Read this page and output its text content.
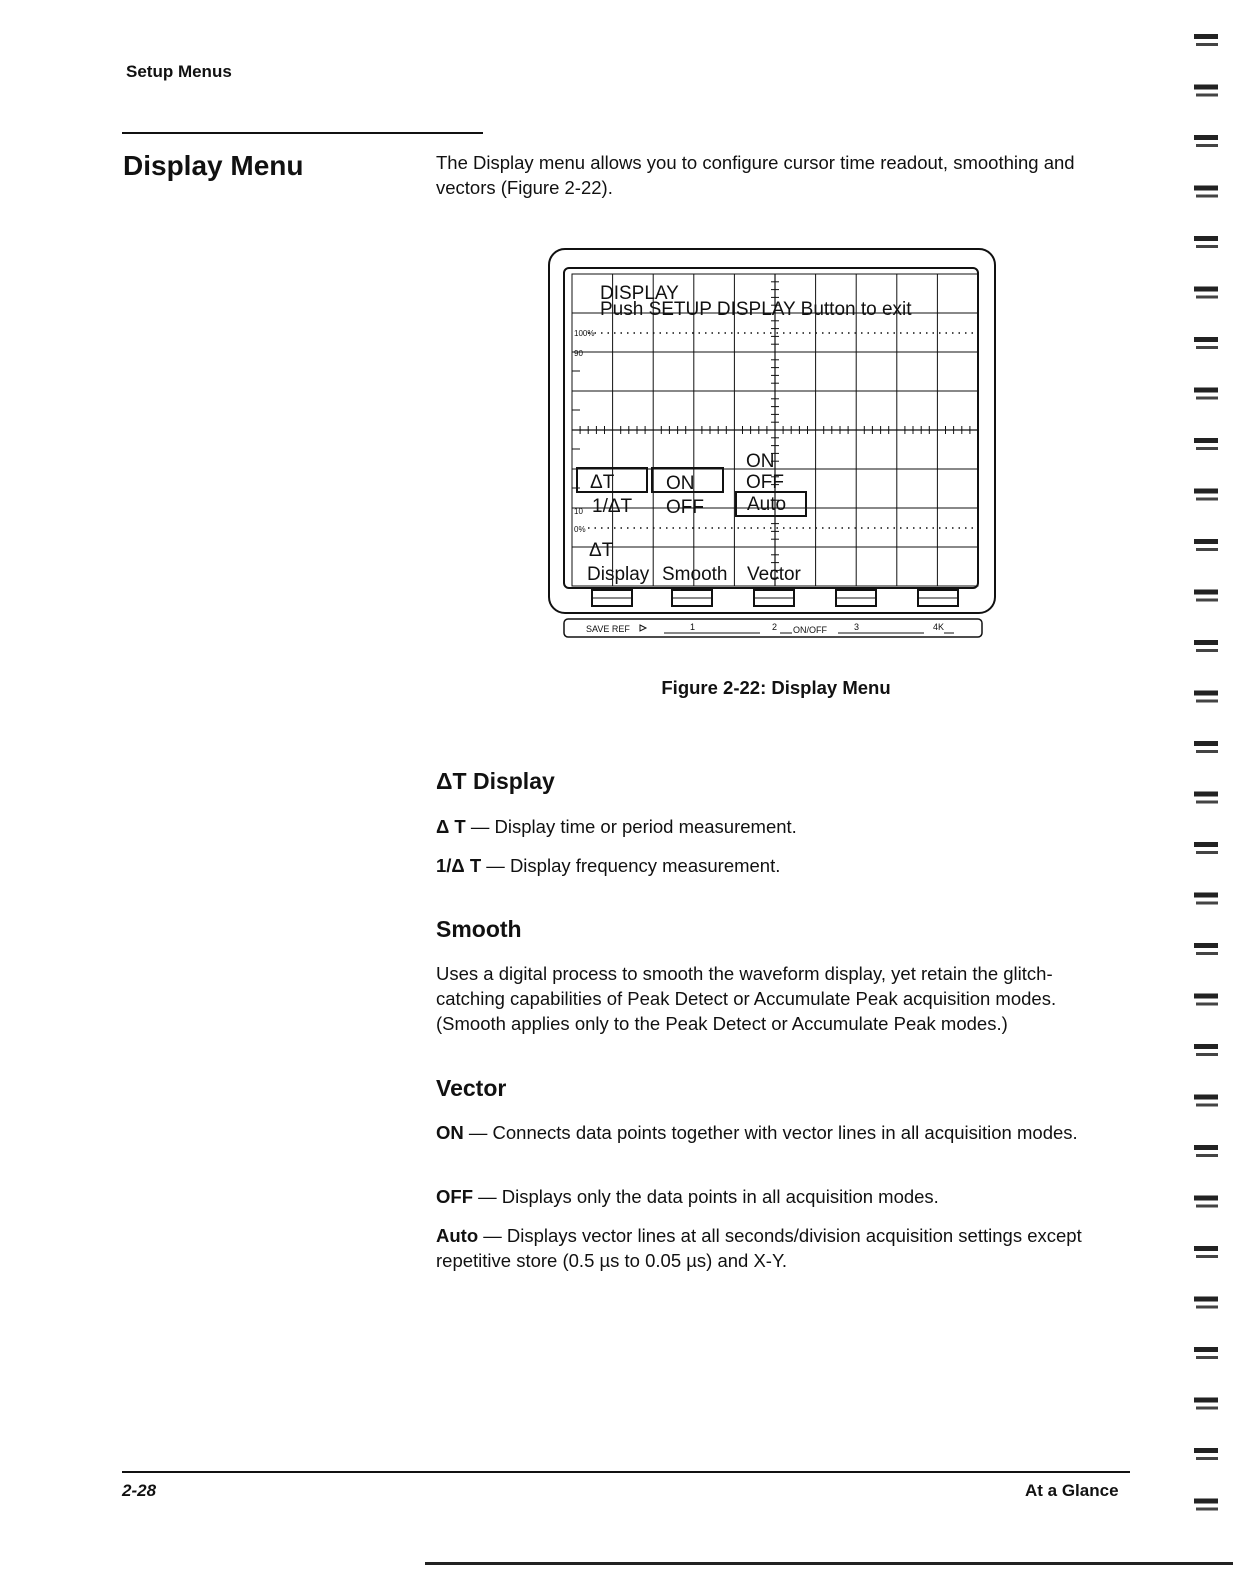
Setup Menus
Display Menu	The Display menu allows you to configure cursor time readout, smoothing and vectors (Figure 2-22).
100%
90
10
0%
DISPLAY
Push SETUP DISPLAY Button to exit
ΔT
1/ΔT
ON
OFF
ON
OFF
Auto
ΔT
Display Smooth Vector
SAVE REF	1	2 ON/OFF	3	4K
Figure 2-22: Display Menu
ΔT Display
Δ T — Display time or period measurement.
1/Δ T — Display frequency measurement.
Smooth
Uses a digital process to smooth the waveform display, yet retain the glitch-catching capabilities of Peak Detect or Accumulate Peak acquisition modes. (Smooth applies only to the Peak Detect or Accumulate Peak modes.)
Vector
ON — Connects data points together with vector lines in all acquisition modes.
OFF — Displays only the data points in all acquisition modes.
Auto — Displays vector lines at all seconds/division acquisition settings except repetitive store (0.5 µs to 0.05 µs) and X-Y.
2-28	At a Glance
